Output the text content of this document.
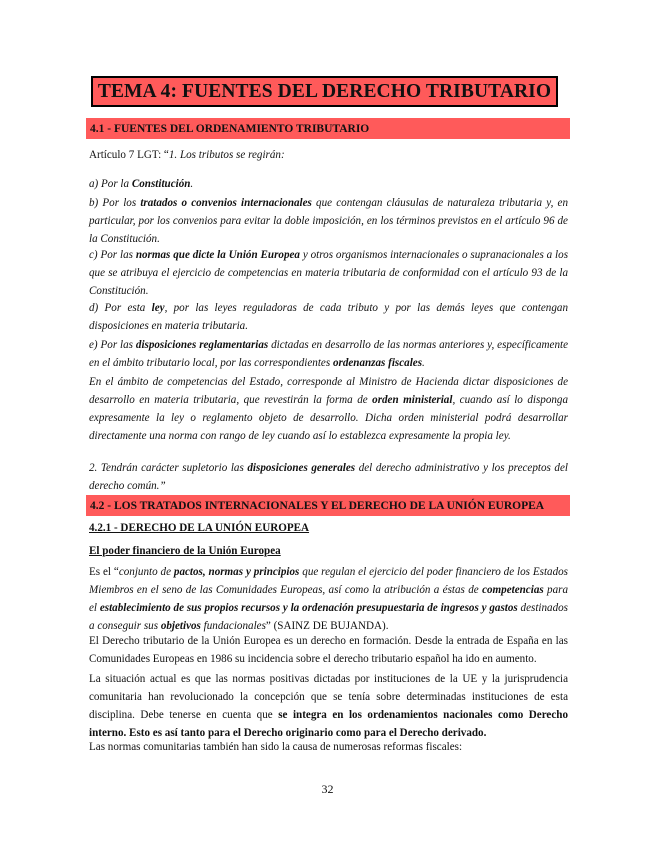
TEMA 4: FUENTES DEL DERECHO TRIBUTARIO
4.1 - FUENTES DEL ORDENAMIENTO TRIBUTARIO

Artículo 7 LGT: “1. Los tributos se regirán:

a) Por la Constitución.

b) Por los tratados o convenios internacionales que contengan cláusulas de naturaleza tributaria y, en particular, por los convenios para evitar la doble imposición, en los términos previstos en el artículo 96 de la Constitución.

c) Por las normas que dicte la Unión Europea y otros organismos internacionales o supranacionales a los que se atribuya el ejercicio de competencias en materia tributaria de conformidad con el artículo 93 de la Constitución.

d) Por esta ley, por las leyes reguladoras de cada tributo y por las demás leyes que contengan disposiciones en materia tributaria.

e) Por las disposiciones reglamentarias dictadas en desarrollo de las normas anteriores y, específicamente en el ámbito tributario local, por las correspondientes ordenanzas fiscales.

En el ámbito de competencias del Estado, corresponde al Ministro de Hacienda dictar disposiciones de desarrollo en materia tributaria, que revestirán la forma de orden ministerial, cuando así lo disponga expresamente la ley o reglamento objeto de desarrollo. Dicha orden ministerial podrá desarrollar directamente una norma con rango de ley cuando así lo establezca expresamente la propia ley.

2. Tendrán carácter supletorio las disposiciones generales del derecho administrativo y los preceptos del derecho común.”

4.2 - LOS TRATADOS INTERNACIONALES Y EL DERECHO DE LA UNIÓN EUROPEA

4.2.1 - DERECHO DE LA UNIÓN EUROPEA

El poder financiero de la Unión Europea

Es el “conjunto de pactos, normas y principios que regulan el ejercicio del poder financiero de los Estados Miembros en el seno de las Comunidades Europeas, así como la atribución a éstas de competencias para el establecimiento de sus propios recursos y la ordenación presupuestaria de ingresos y gastos destinados a conseguir sus objetivos fundacionales” (SAINZ DE BUJANDA).

El Derecho tributario de la Unión Europea es un derecho en formación. Desde la entrada de España en las Comunidades Europeas en 1986 su incidencia sobre el derecho tributario español ha ido en aumento.

La situación actual es que las normas positivas dictadas por instituciones de la UE y la jurisprudencia comunitaria han revolucionado la concepción que se tenía sobre determinadas instituciones de esta disciplina. Debe tenerse en cuenta que se integra en los ordenamientos nacionales como Derecho interno. Esto es así tanto para el Derecho originario como para el Derecho derivado.

Las normas comunitarias también han sido la causa de numerosas reformas fiscales:

32
